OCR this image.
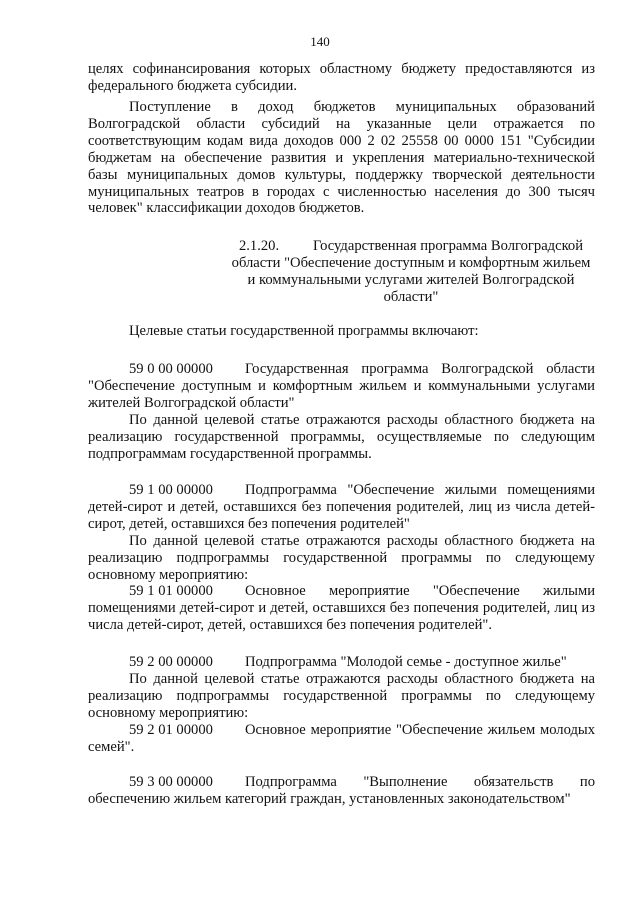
140

целях софинансирования которых областному бюджету предоставляются из федерального бюджета субсидии.

Поступление в доход бюджетов муниципальных образований Волгоградской области субсидий на указанные цели отражается по соответствующим кодам вида доходов 000 2 02 25558 00 0000 151 "Субсидии бюджетам на обеспечение развития и укрепления материально-технической базы муниципальных домов культуры, поддержку творческой деятельности муниципальных театров в городах с численностью населения до 300 тысяч человек" классификации доходов бюджетов.

2.1.20. Государственная программа Волгоградской области "Обеспечение доступным и комфортным жильем и коммунальными услугами жителей Волгоградской области"

Целевые статьи государственной программы включают:

59 0 00 00000 Государственная программа Волгоградской области "Обеспечение доступным и комфортным жильем и коммунальными услугами жителей Волгоградской области"

По данной целевой статье отражаются расходы областного бюджета на реализацию государственной программы, осуществляемые по следующим подпрограммам государственной программы.

59 1 00 00000 Подпрограмма "Обеспечение жилыми помещениями детей-сирот и детей, оставшихся без попечения родителей, лиц из числа детей-сирот, детей, оставшихся без попечения родителей"

По данной целевой статье отражаются расходы областного бюджета на реализацию подпрограммы государственной программы по следующему основному мероприятию:

59 1 01 00000 Основное мероприятие "Обеспечение жилыми помещениями детей-сирот и детей, оставшихся без попечения родителей, лиц из числа детей-сирот, детей, оставшихся без попечения родителей".

59 2 00 00000 Подпрограмма "Молодой семье - доступное жилье"

По данной целевой статье отражаются расходы областного бюджета на реализацию подпрограммы государственной программы по следующему основному мероприятию:

59 2 01 00000 Основное мероприятие "Обеспечение жильем молодых семей".

59 3 00 00000 Подпрограмма "Выполнение обязательств по обеспечению жильем категорий граждан, установленных законодательством"
